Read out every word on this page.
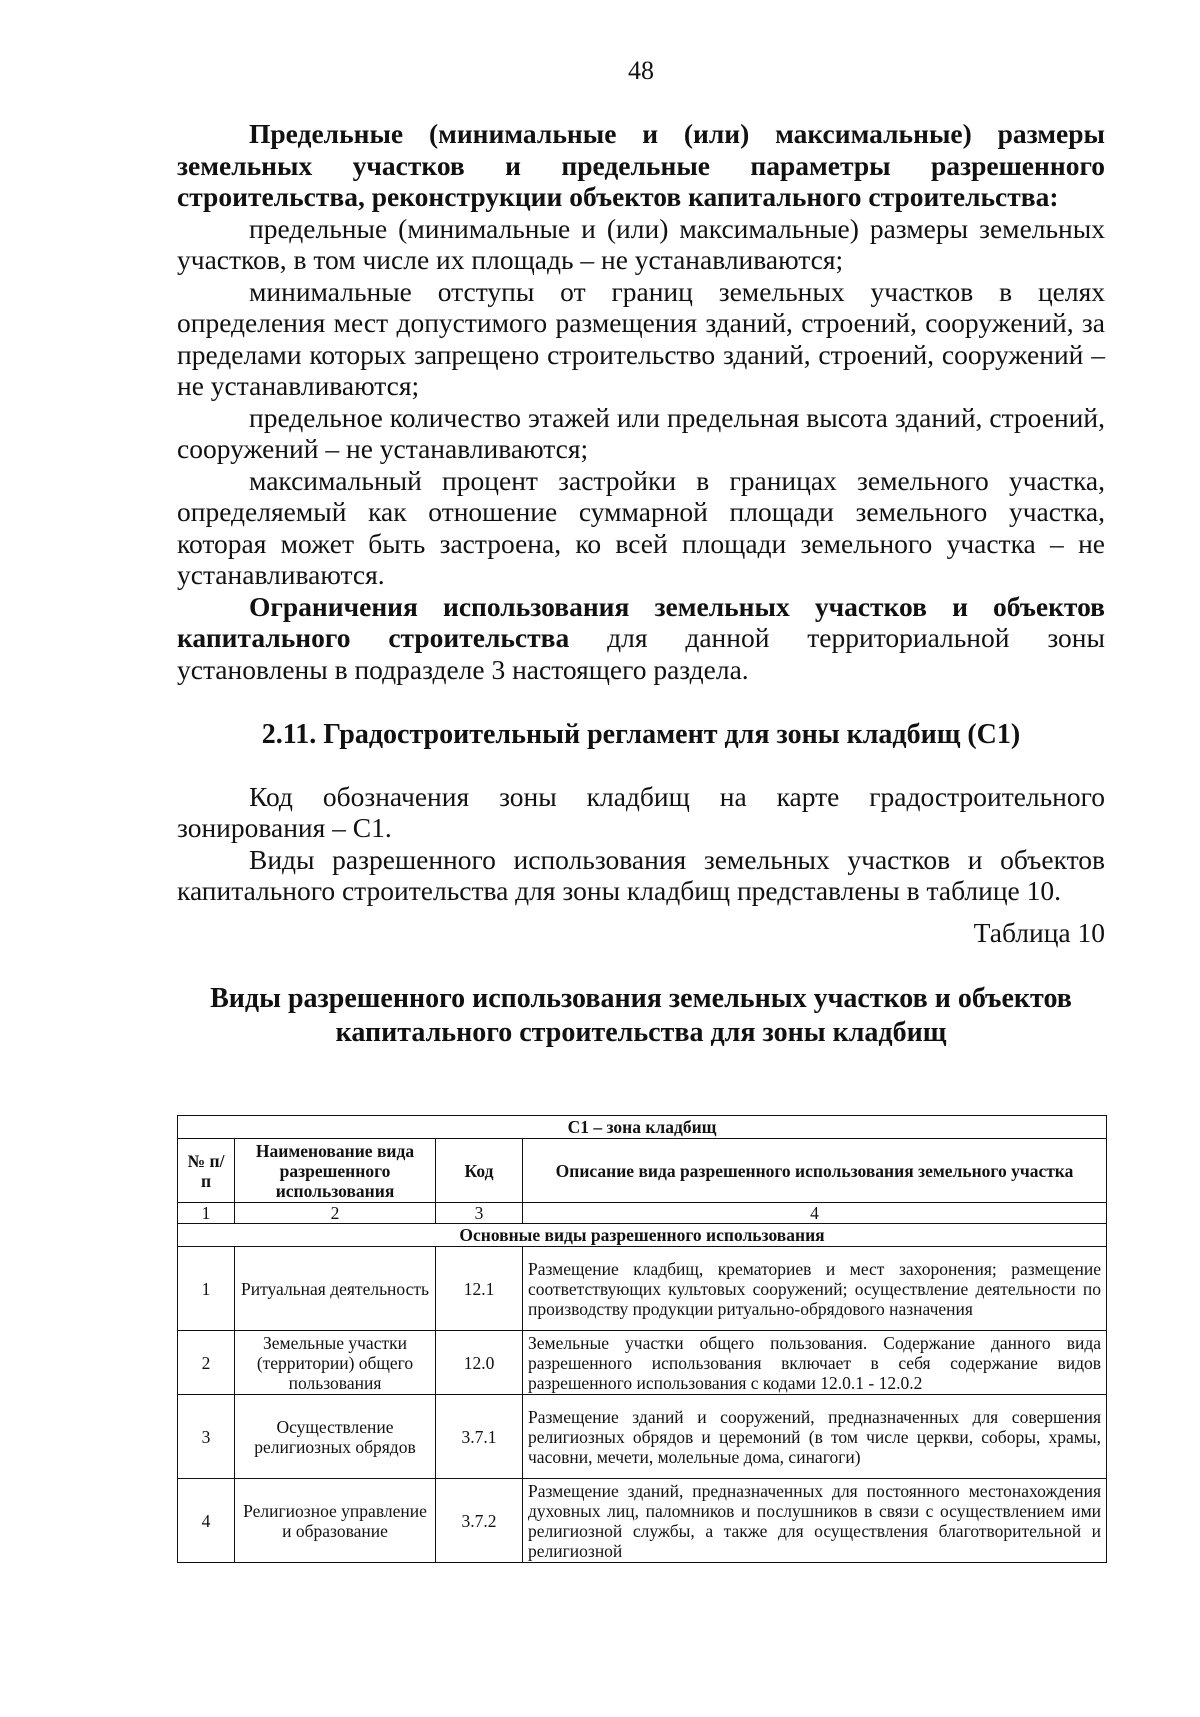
48

Предельные (минимальные и (или) максимальные) размеры земельных участков и предельные параметры разрешенного строительства, реконструкции объектов капитального строительства:

предельные (минимальные и (или) максимальные) размеры земельных участков, в том числе их площадь – не устанавливаются;

минимальные отступы от границ земельных участков в целях определения мест допустимого размещения зданий, строений, сооружений, за пределами которых запрещено строительство зданий, строений, сооружений – не устанавливаются;

предельное количество этажей или предельная высота зданий, строений, сооружений – не устанавливаются;

максимальный процент застройки в границах земельного участка, определяемый как отношение суммарной площади земельного участка, которая может быть застроена, ко всей площади земельного участка – не устанавливаются.

Ограничения использования земельных участков и объектов капитального строительства для данной территориальной зоны установлены в подразделе 3 настоящего раздела.

2.11. Градостроительный регламент для зоны кладбищ (С1)

Код обозначения зоны кладбищ на карте градостроительного зонирования – С1.

Виды разрешенного использования земельных участков и объектов капитального строительства для зоны кладбищ представлены в таблице 10.

Таблица 10

Виды разрешенного использования земельных участков и объектов
капитального строительства для зоны кладбищ

С1 – зона кладбищ			
№ п/п	Наименование вида разрешенного использования	Код	Описание вида разрешенного использования земельного участка
1	2	3	4
Основные виды разрешенного использования			
1	Ритуальная деятельность	12.1	Размещение кладбищ, крематориев и мест захоронения; размещение соответствующих культовых сооружений; осуществление деятельности по производству продукции ритуально-обрядового назначения
2	Земельные участки (территории) общего пользования	12.0	Земельные участки общего пользования. Содержание данного вида разрешенного использования включает в себя содержание видов разрешенного использования с кодами 12.0.1 - 12.0.2
3	Осуществление религиозных обрядов	3.7.1	Размещение зданий и сооружений, предназначенных для совершения религиозных обрядов и церемоний (в том числе церкви, соборы, храмы, часовни, мечети, молельные дома, синагоги)
4	Религиозное управление и образование	3.7.2	Размещение зданий, предназначенных для постоянного местонахождения духовных лиц, паломников и послушников в связи с осуществлением ими религиозной службы, а также для осуществления благотворительной и религиозной
